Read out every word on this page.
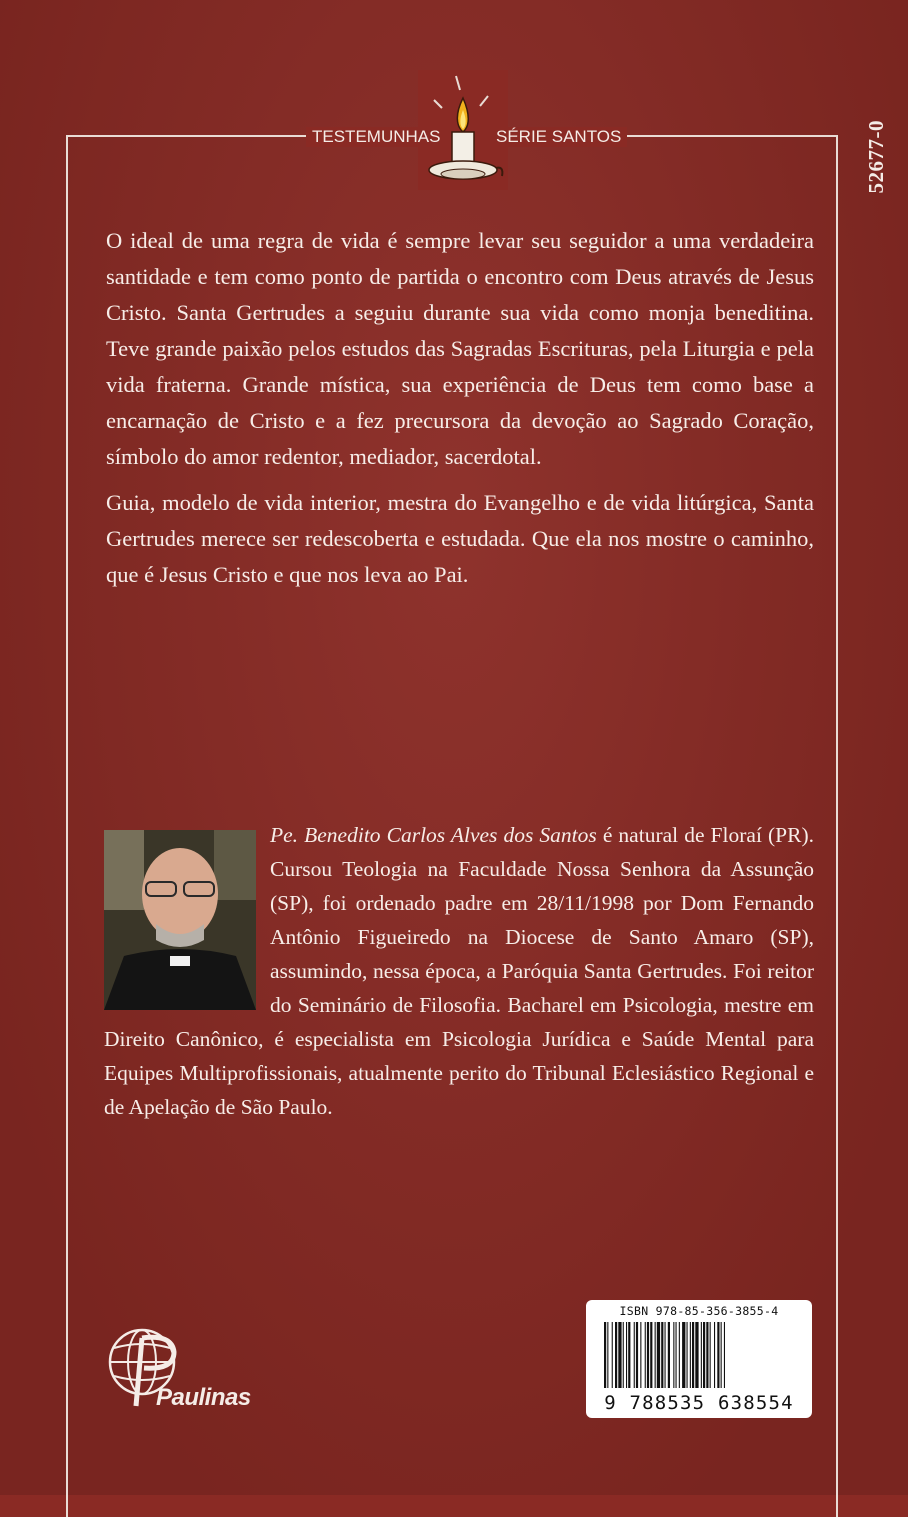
TESTEMUNHAS	SÉRIE SANTOS	52677-0

O ideal de uma regra de vida é sempre levar seu seguidor a uma verdadeira santidade e tem como ponto de partida o encontro com Deus através de Jesus Cristo. Santa Gertrudes a seguiu durante sua vida como monja beneditina. Teve grande paixão pelos estudos das Sagradas Escrituras, pela Liturgia e pela vida fraterna. Grande mística, sua experiência de Deus tem como base a encarnação de Cristo e a fez precursora da devoção ao Sagrado Coração, símbolo do amor redentor, mediador, sacerdotal.

Guia, modelo de vida interior, mestra do Evangelho e de vida litúrgica, Santa Gertrudes merece ser redescoberta e estudada. Que ela nos mostre o caminho, que é Jesus Cristo e que nos leva ao Pai.

Pe. Benedito Carlos Alves dos Santos é natural de Floraí (PR). Cursou Teologia na Faculdade Nossa Senhora da Assunção (SP), foi ordenado padre em 28/11/1998 por Dom Fernando Antônio Figueiredo na Diocese de Santo Amaro (SP), assumindo, nessa época, a Paróquia Santa Gertrudes. Foi reitor do Seminário de Filosofia. Bacharel em Psicologia, mestre em Direito Canônico, é especialista em Psicologia Jurídica e Saúde Mental para Equipes Multiprofissionais, atualmente perito do Tribunal Eclesiástico Regional e de Apelação de São Paulo.
Paulinas
ISBN 978-85-356-3855-4
9 788535 638554
